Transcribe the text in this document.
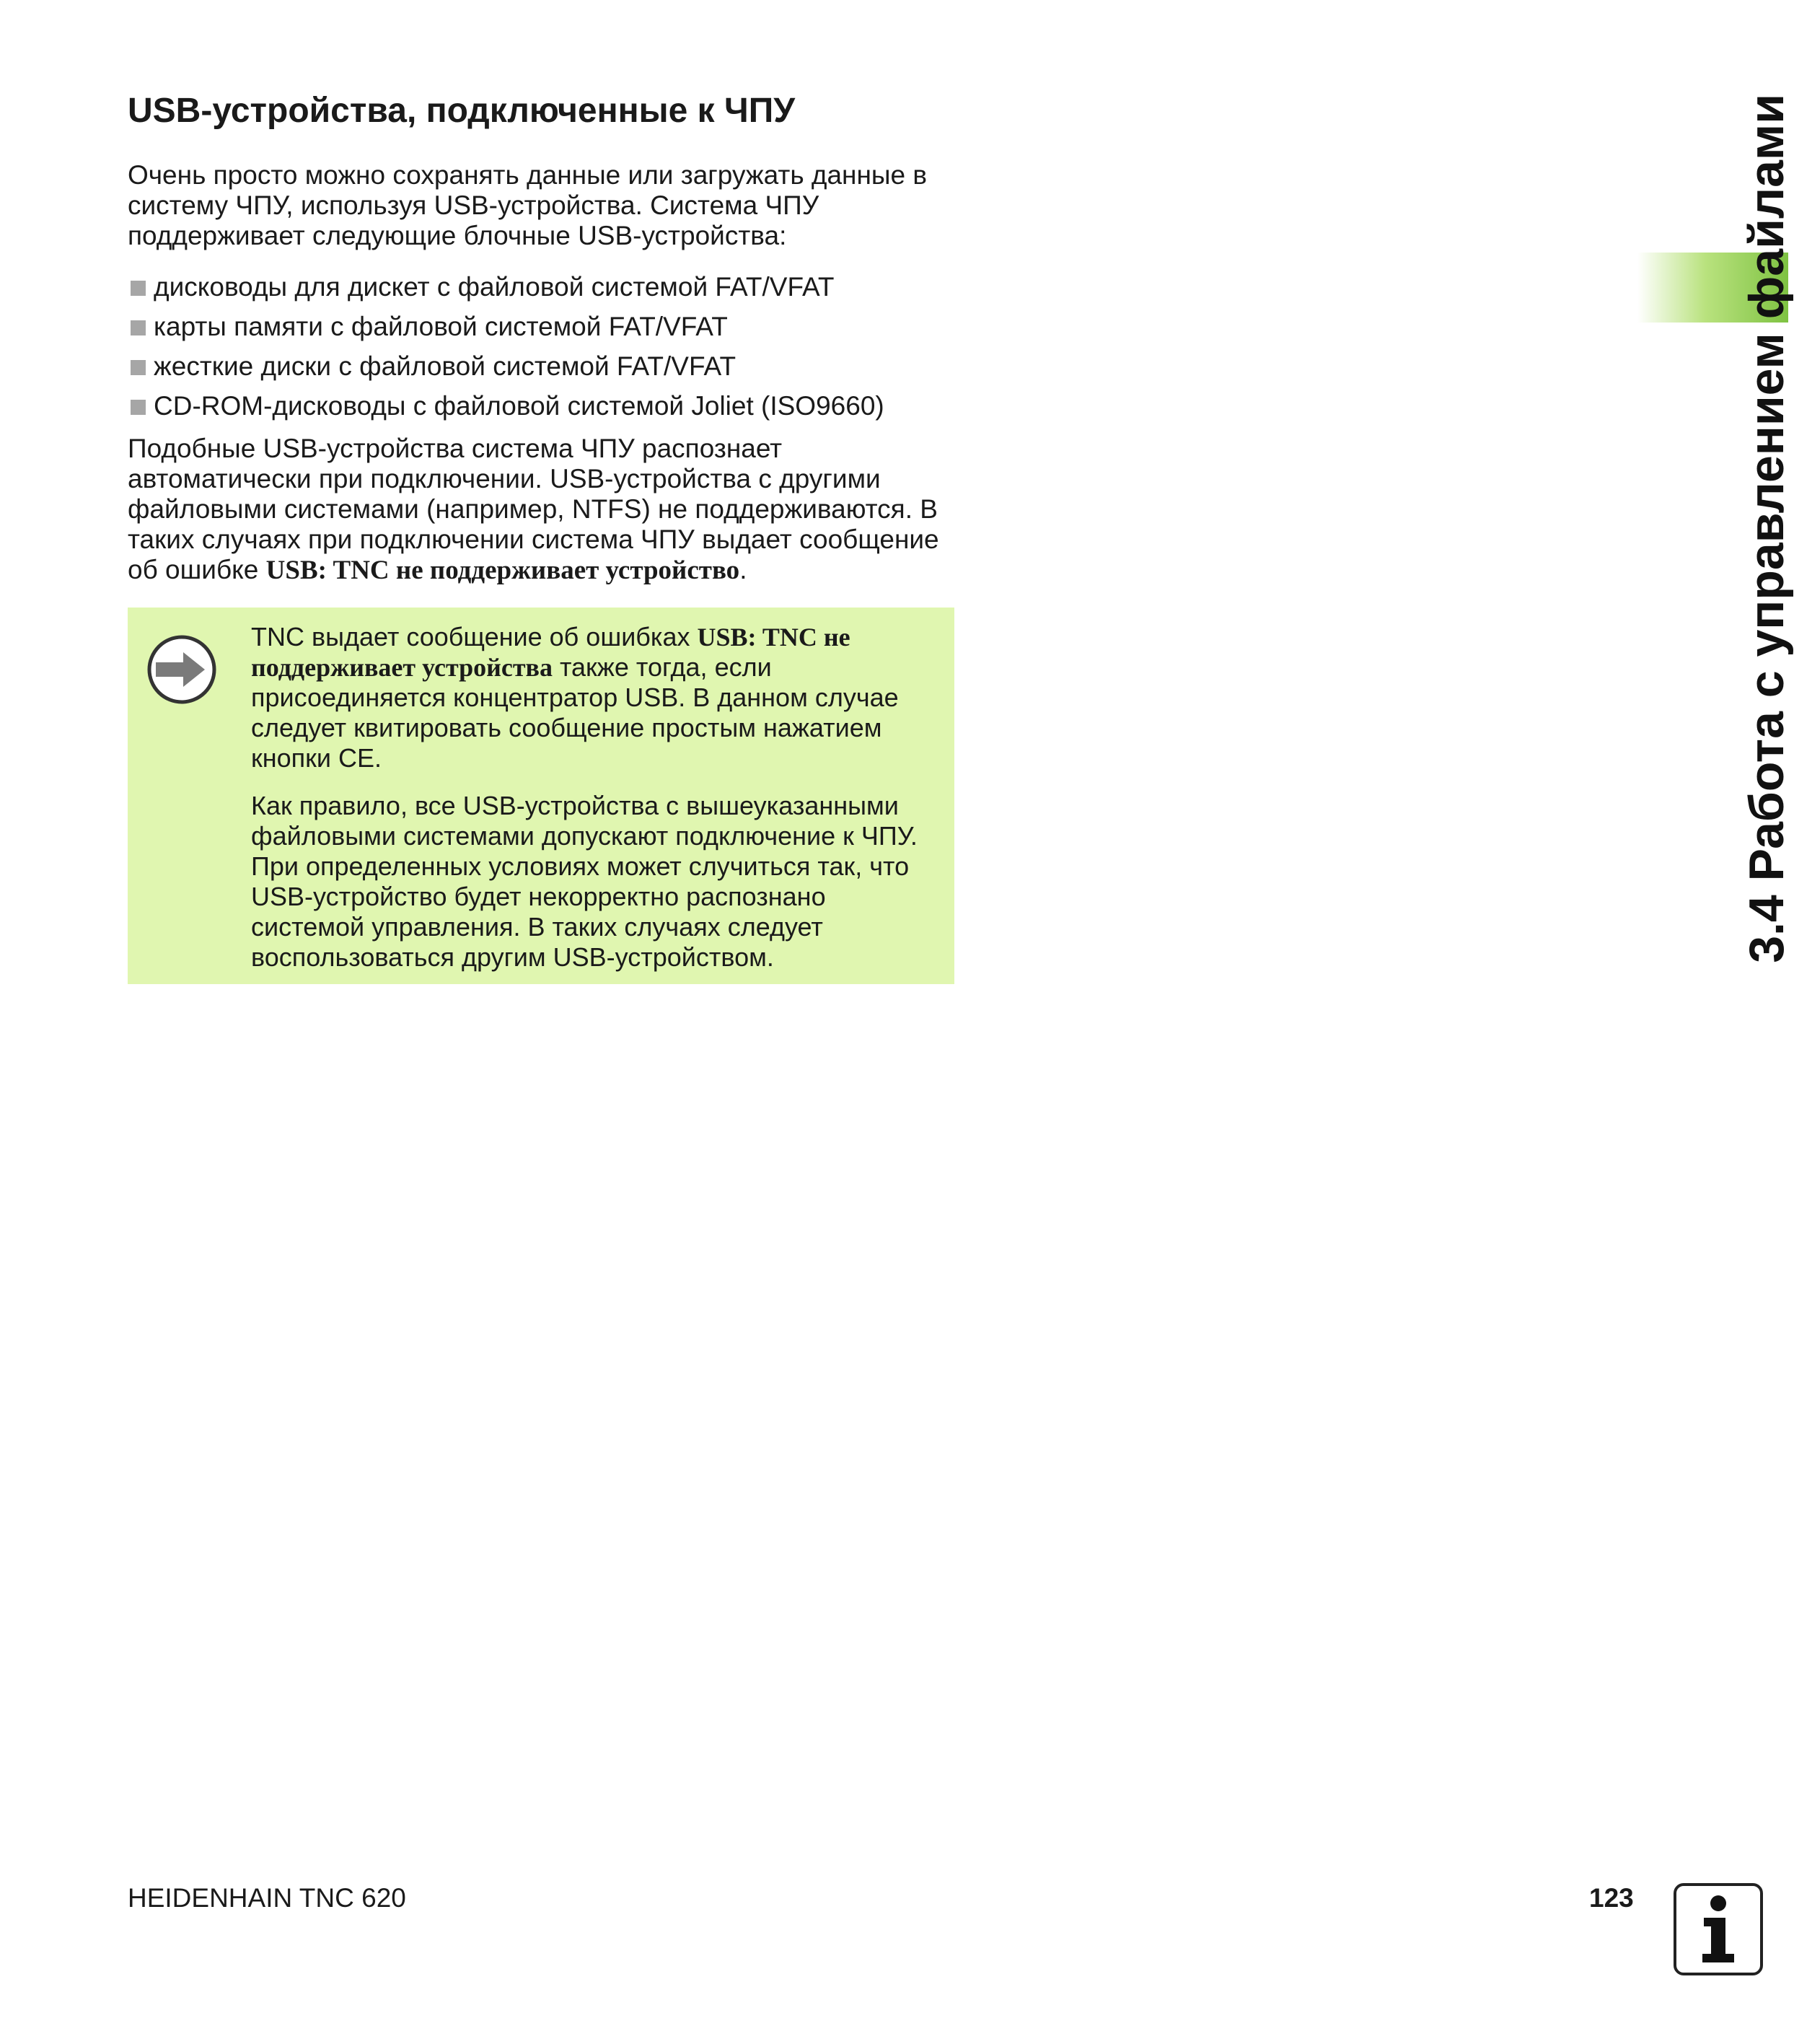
USB-устройства, подключенные к ЧПУ

Очень просто можно сохранять данные или загружать данные в систему ЧПУ, используя USB-устройства. Система ЧПУ поддерживает следующие блочные USB-устройства:

дисководы для дискет с файловой системой FAT/VFAT
карты памяти с файловой системой FAT/VFAT
жесткие диски с файловой системой FAT/VFAT
CD-ROM-дисководы с файловой системой Joliet (ISO9660)

Подобные USB-устройства система ЧПУ распознает автоматически при подключении. USB-устройства с другими файловыми системами (например, NTFS) не поддерживаются. В таких случаях при подключении система ЧПУ выдает сообщение об ошибке USB: TNC не поддерживает устройство.

TNC выдает сообщение об ошибках USB: TNC не поддерживает устройства также тогда, если присоединяется концентратор USB. В данном случае следует квитировать сообщение простым нажатием кнопки CE.

Как правило, все USB-устройства с вышеуказанными файловыми системами допускают подключение к ЧПУ. При определенных условиях может случиться так, что USB-устройство будет некорректно распознано системой управления. В таких случаях следует воспользоваться другим USB-устройством.	3.4 Работа с управлением файлами
HEIDENHAIN TNC 620	123
